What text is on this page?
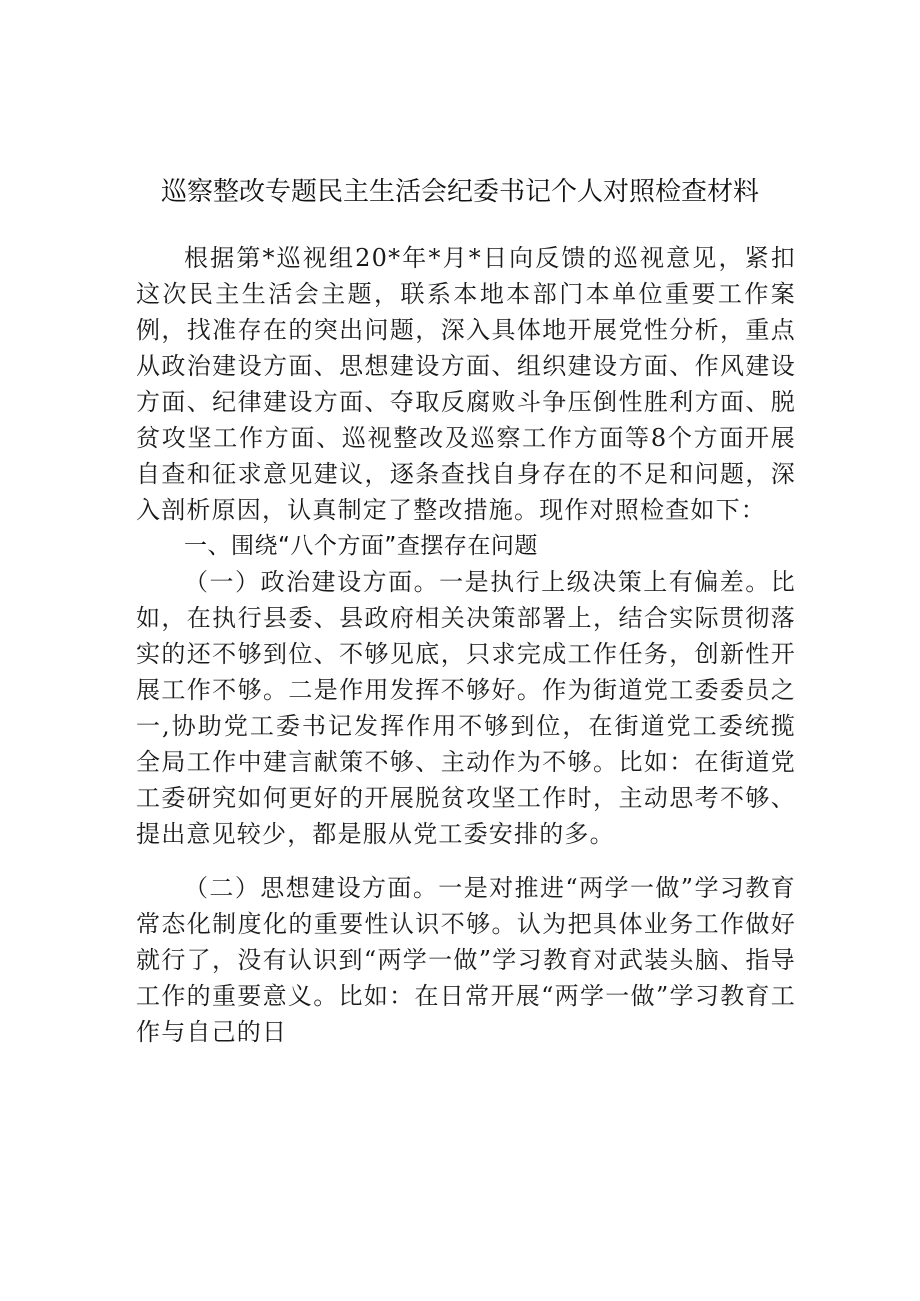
巡察整改专题民主生活会纪委书记个人对照检查材料

根据第*巡视组20*年*月*日向反馈的巡视意见，紧扣这次民主生活会主题，联系本地本部门本单位重要工作案例，找准存在的突出问题，深入具体地开展党性分析，重点从政治建设方面、思想建设方面、组织建设方面、作风建设方面、纪律建设方面、夺取反腐败斗争压倒性胜利方面、脱贫攻坚工作方面、巡视整改及巡察工作方面等8个方面开展自查和征求意见建议，逐条查找自身存在的不足和问题，深入剖析原因，认真制定了整改措施。现作对照检查如下：

一、围绕“八个方面”查摆存在问题

（一）政治建设方面。一是执行上级决策上有偏差。比如，在执行县委、县政府相关决策部署上，结合实际贯彻落实的还不够到位、不够见底，只求完成工作任务，创新性开展工作不够。二是作用发挥不够好。作为街道党工委委员之一,协助党工委书记发挥作用不够到位，在街道党工委统揽全局工作中建言献策不够、主动作为不够。比如：在街道党工委研究如何更好的开展脱贫攻坚工作时，主动思考不够、提出意见较少，都是服从党工委安排的多。

（二）思想建设方面。一是对推进“两学一做”学习教育常态化制度化的重要性认识不够。认为把具体业务工作做好就行了，没有认识到“两学一做”学习教育对武装头脑、指导工作的重要意义。比如：在日常开展“两学一做”学习教育工作与自己的日
